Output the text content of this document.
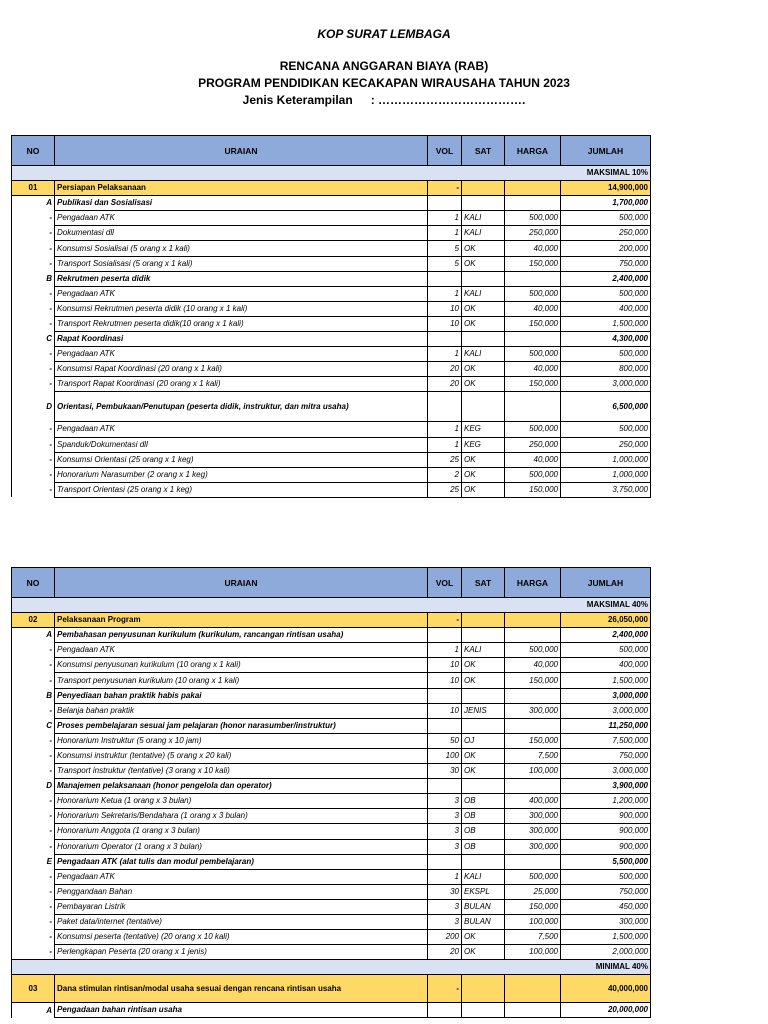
KOP SURAT LEMBAGA
RENCANA ANGGARAN BIAYA (RAB)
PROGRAM PENDIDIKAN KECAKAPAN WIRAUSAHA TAHUN 2023
Jenis Keterampilan : ……………………………….
NO	URAIAN	VOL	SAT	HARGA	JUMLAH
MAKSIMAL 10%					
01	Persiapan Pelaksanaan	-			14,900,000
A	Publikasi dan Sosialisasi				1,700,000
-	Pengadaan ATK	1	KALI	500,000	500,000
-	Dokumentasi dll	1	KALI	250,000	250,000
-	Konsumsi Sosialisai (5 orang x 1 kali)	5	OK	40,000	200,000
-	Transport Sosialisasi (5 orang x 1 kali)	5	OK	150,000	750,000
B	Rekrutmen peserta didik				2,400,000
-	Pengadaan ATK	1	KALI	500,000	500,000
-	Konsumsi Rekrutmen peserta didik (10 orang x 1 kali)	10	OK	40,000	400,000
-	Transport Rekrutmen peserta didik(10 orang x 1 kali)	10	OK	150,000	1,500,000
C	Rapat Koordinasi				4,300,000
-	Pengadaan ATK	1	KALI	500,000	500,000
-	Konsumsi Rapat Koordinasi (20 orang x 1 kali)	20	OK	40,000	800,000
-	Transport Rapat Koordinasi (20 orang x 1 kali)	20	OK	150,000	3,000,000
D	Orientasi, Pembukaan/Penutupan (peserta didik, instruktur, dan mitra usaha)				6,500,000
-	Pengadaan ATK	1	KEG	500,000	500,000
-	Spanduk/Dokumentasi dll	1	KEG	250,000	250,000
-	Konsumsi Orientasi (25 orang x 1 keg)	25	OK	40,000	1,000,000
-	Honorarium Narasumber (2 orang x 1 keg)	2	OK	500,000	1,000,000
-	Transport Orientasi (25 orang x 1 keg)	25	OK	150,000	3,750,000
NO	URAIAN	VOL	SAT	HARGA	JUMLAH
MAKSIMAL 40%					
02	Pelaksanaan Program	-			26,050,000
A	Pembahasan penyusunan kurikulum (kurikulum, rancangan rintisan usaha)				2,400,000
-	Pengadaan ATK	1	KALI	500,000	500,000
-	Konsumsi penyusunan kurikulum (10 orang x 1 kali)	10	OK	40,000	400,000
-	Transport penyusunan kurikulum (10 orang x 1 kali)	10	OK	150,000	1,500,000
B	Penyediaan bahan praktik habis pakai				3,000,000
-	Belanja bahan praktik	10	JENIS	300,000	3,000,000
C	Proses pembelajaran sesuai jam pelajaran (honor narasumber/instruktur)				11,250,000
-	Honorarium Instruktur (5 orang x 10 jam)	50	OJ	150,000	7,500,000
-	Konsumsi instruktur (tentative) (5 orang x 20 kali)	100	OK	7,500	750,000
-	Transport instruktur (tentative) (3 orang x 10 kali)	30	OK	100,000	3,000,000
D	Manajemen pelaksanaan (honor pengelola dan operator)				3,900,000
-	Honorarium Ketua (1 orang x 3 bulan)	3	OB	400,000	1,200,000
-	Honorarium Sekretaris/Bendahara (1 orang x 3 bulan)	3	OB	300,000	900,000
-	Honorarium Anggota (1 orang x 3 bulan)	3	OB	300,000	900,000
-	Honorarium Operator (1 orang x 3 bulan)	3	OB	300,000	900,000
E	Pengadaan ATK (alat tulis dan modul pembelajaran)				5,500,000
-	Pengadaan ATK	1	KALI	500,000	500,000
-	Penggandaan Bahan	30	EKSPL	25,000	750,000
-	Pembayaran Listrik	3	BULAN	150,000	450,000
-	Paket data/internet (tentative)	3	BULAN	100,000	300,000
-	Konsumsi peserta (tentative) (20 orang x 10 kali)	200	OK	7,500	1,500,000
-	Perlengkapan Peserta (20 orang x 1 jenis)	20	OK	100,000	2,000,000
MINIMAL 40%					
03	Dana stimulan rintisan/modal usaha sesuai dengan rencana rintisan usaha	-			40,000,000
A	Pengadaan bahan rintisan usaha				20,000,000
